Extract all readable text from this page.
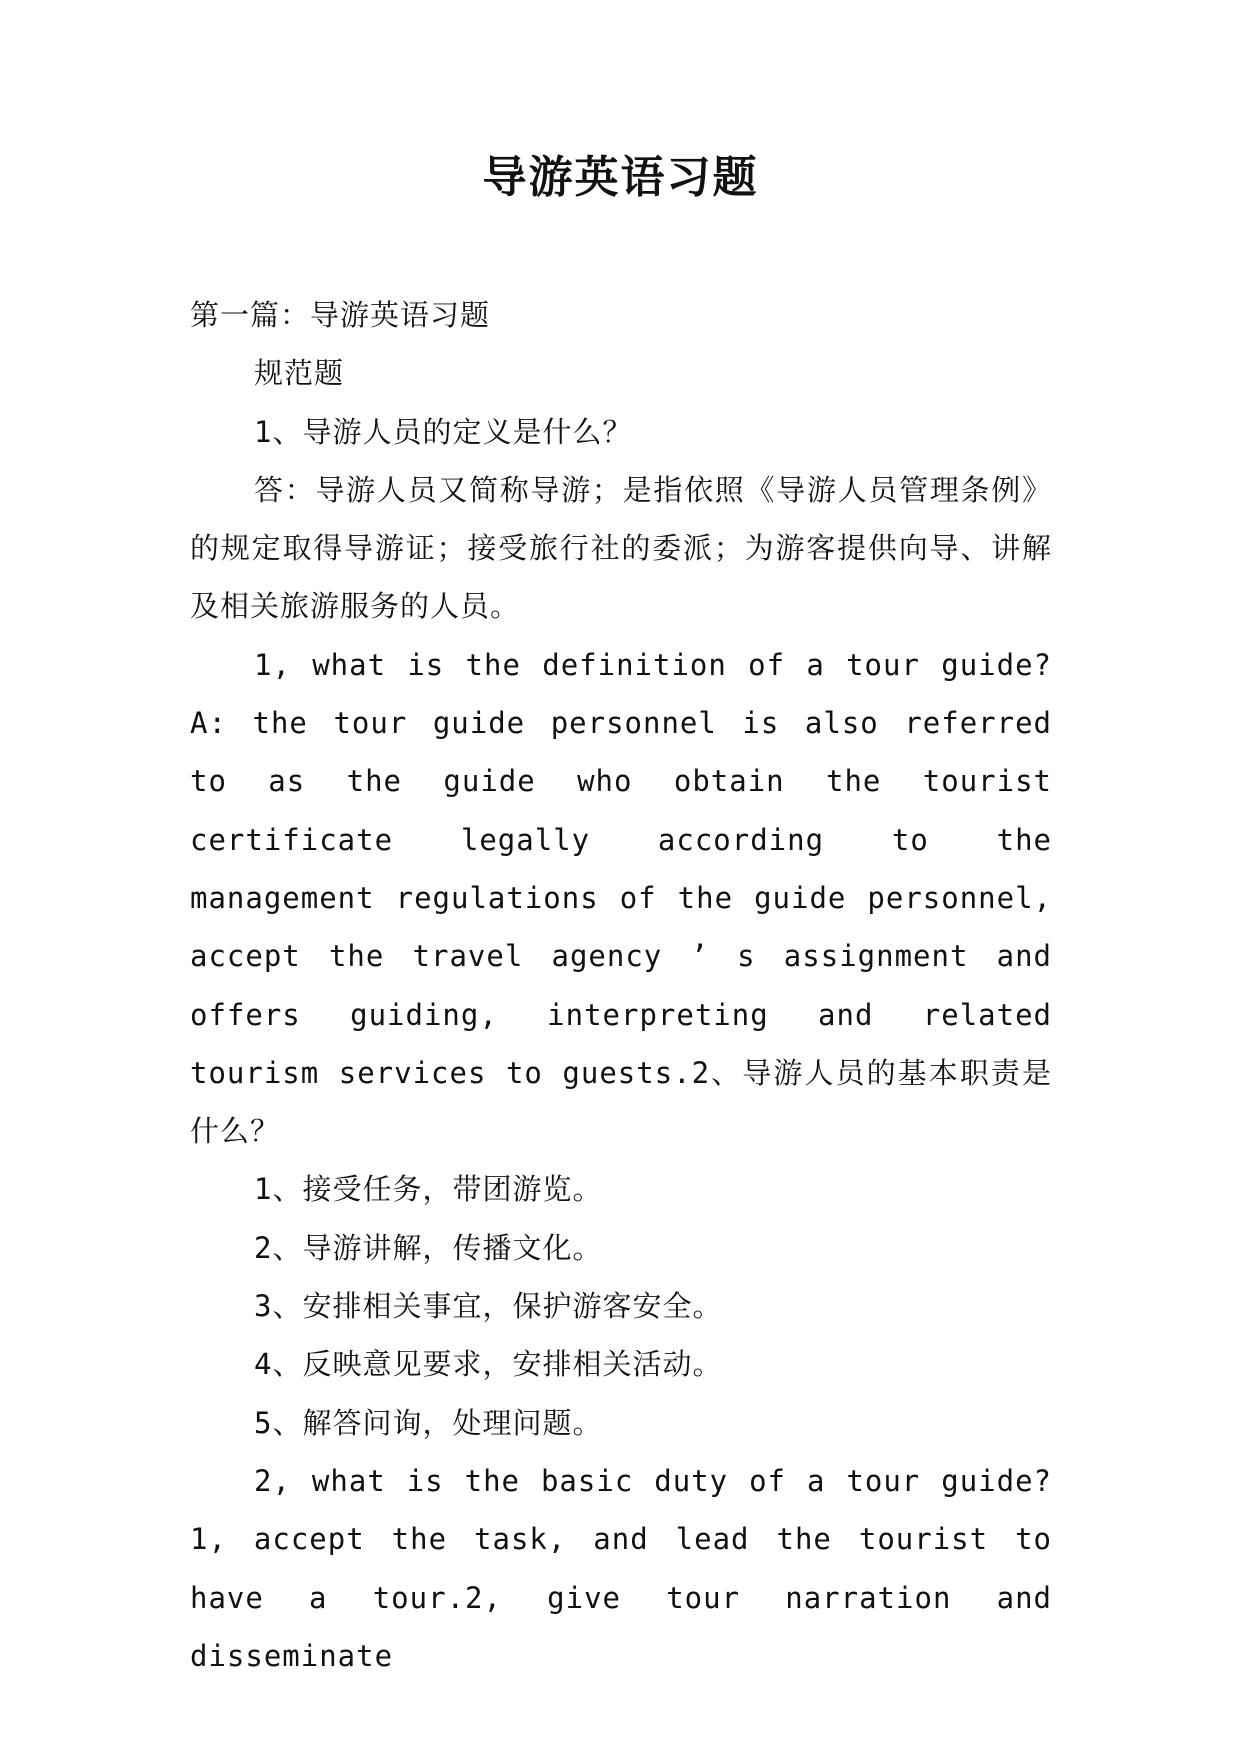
导游英语习题

第一篇：导游英语习题

规范题

1、导游人员的定义是什么？

答：导游人员又简称导游；是指依照《导游人员管理条例》的规定取得导游证；接受旅行社的委派；为游客提供向导、讲解及相关旅游服务的人员。

1, what is the definition of a tour guide? A: the tour guide personnel is also referred to as the guide who obtain the tourist certificate legally according to the management regulations of the guide personnel, accept the travel agency ’ s assignment and offers guiding, interpreting and related tourism services to guests.2、导游人员的基本职责是什么？

1、接受任务，带团游览。

2、导游讲解，传播文化。

3、安排相关事宜，保护游客安全。

4、反映意见要求，安排相关活动。

5、解答问询，处理问题。

2, what is the basic duty of a tour guide? 1, accept the task, and lead the tourist to have a tour.2, give tour narration and disseminate
